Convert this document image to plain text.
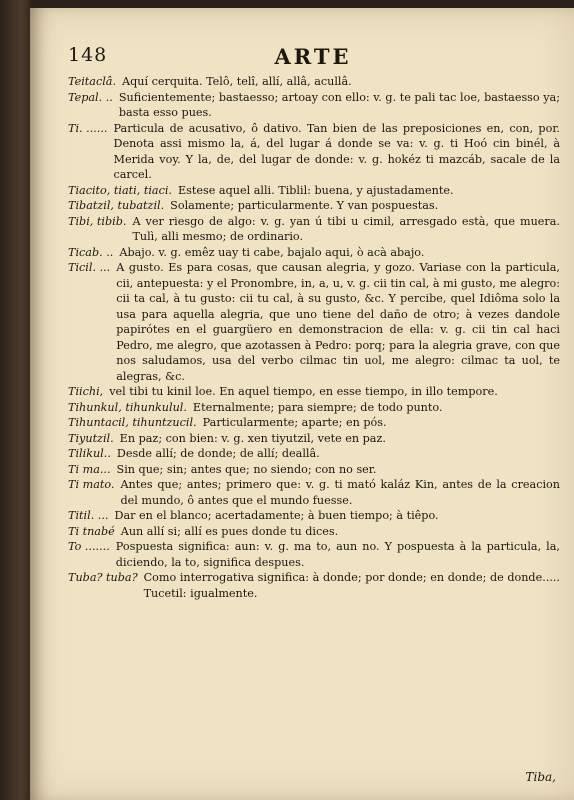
148	ARTE
Teitaclâ. Aquí cerquita. Telô, telî, allí, allâ, acullâ.
Tepal. .. Suficientemente; bastaesso; artoay con ello: v. g. te pali tac loe, bastaesso ya; basta esso pues.
Ti. ...... Particula de acusativo, ô dativo. Tan bien de las preposiciones en, con, por. Denota assi mismo la, á, del lugar á donde se va: v. g. ti Hoó cin binél, à Merida voy. Y la, de, del lugar de donde: v. g. hokéz ti mazcáb, sacale de la carcel.
Tiacito, tiati, tiaci. Estese aquel alli. Tiblil: buena, y ajustadamente.
Tibatzil, tubatzil. Solamente; particularmente. Y van pospuestas.
Tibi, tibib. A ver riesgo de algo: v. g. yan ú tibi u cimil, arresgado està, que muera. Tulì, alli mesmo; de ordinario.
Ticab. .. Abajo. v. g. emêz uay ti cabe, bajalo aqui, ò acà abajo.
Ticil. ... A gusto. Es para cosas, que causan alegria, y gozo. Variase con la particula, cii, antepuesta: y el Pronombre, in, a, u, v. g. cii tin cal, à mi gusto, me alegro: cii ta cal, à tu gusto: cii tu cal, à su gusto, &c. Y percibe, quel Idiôma solo la usa para aquella alegria, que uno tiene del daño de otro; à vezes dandole papirótes en el guargüero en demonstracion de ella: v. g. cii tin cal haci Pedro, me alegro, que azotassen à Pedro: porq; para la alegria grave, con que nos saludamos, usa del verbo cilmac tin uol, me alegro: cilmac ta uol, te alegras, &c.
Tiichi, vel tibi tu kinil loe. En aquel tiempo, en esse tiempo, in illo tempore.
Tihunkul, tihunkulul. Eternalmente; para siempre; de todo punto.
Tihuntacil, tihuntzucil. Particularmente; aparte; en pós.
Tiyutzil. En paz; con bien: v. g. xen tiyutzil, vete en paz.
Tilikul.. Desde allí; de donde; de allí; deallâ.
Ti ma... Sin que; sin; antes que; no siendo; con no ser.
Ti mato. Antes que; antes; primero que: v. g. ti mató kaláz Kin, antes de la creacion del mundo, ô antes que el mundo fuesse.
Titil. ... Dar en el blanco; acertadamente; à buen tiempo; à tiêpo.
Ti tnabé Aun allí si; allí es pues donde tu dices.
To ....... Pospuesta significa: aun: v. g. ma to, aun no. Y pospuesta à la particula, la, diciendo, la to, significa despues.
Tuba? tuba? Como interrogativa significa: à donde; por donde; en donde; de donde..... Tucetil: igualmente.
Tiba,
